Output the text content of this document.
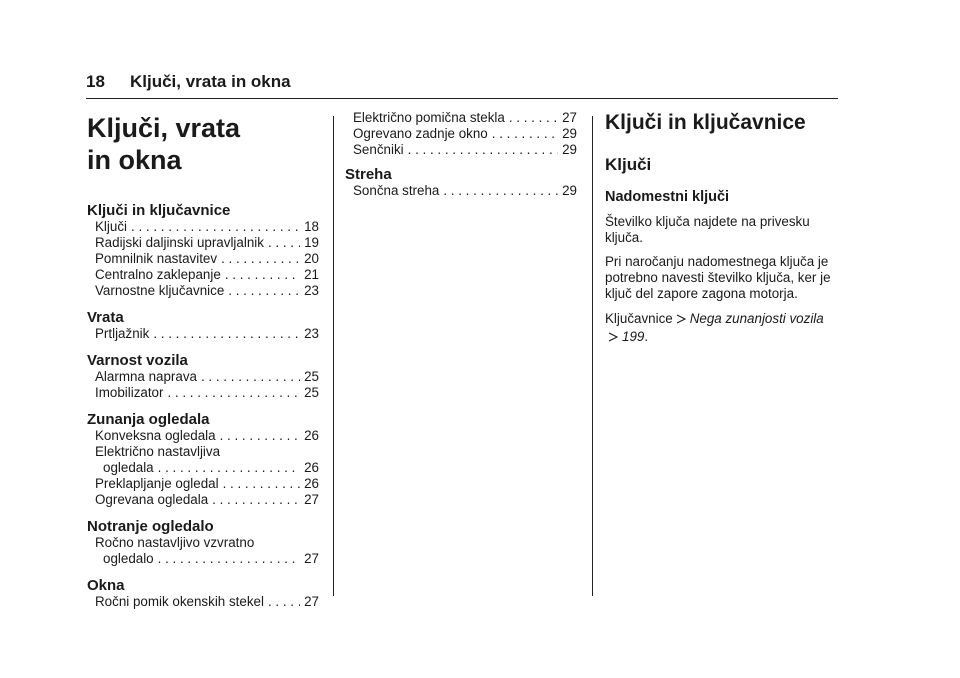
18 Ključi, vrata in okna
Ključi, vrata
in okna
Ključi in ključavnice
Ključi . . .	18
Radijski daljinski upravljalnik . . .	19
Pomnilnik nastavitev . . .	20
Centralno zaklepanje . . .	21
Varnostne ključavnice . . .	23
Vrata
Prtljažnik . . .	23
Varnost vozila
Alarmna naprava . . .	25
Imobilizator . . .	25
Zunanja ogledala
Konveksna ogledala . . .	26
Električno nastavljiva
ogledala . . .	26
Preklapljanje ogledal . . .	26
Ogrevana ogledala . . .	27
Notranje ogledalo
Ročno nastavljivo vzvratno
ogledalo . . .	27
Okna
Ročni pomik okenskih stekel . . .	27
Električno pomična stekla . . .	27
Ogrevano zadnje okno . . .	29
Senčniki . . .	29
Streha
Sončna streha . . .	29
Ključi in ključavnice
Ključi
Nadomestni ključi
Številko ključa najdete na privesku ključa.
Pri naročanju nadomestnega ključa je potrebno navesti številko ključa, ker je ključ del zapore zagona motorja.
Ključavnice Nega zunanjosti vozila199.
